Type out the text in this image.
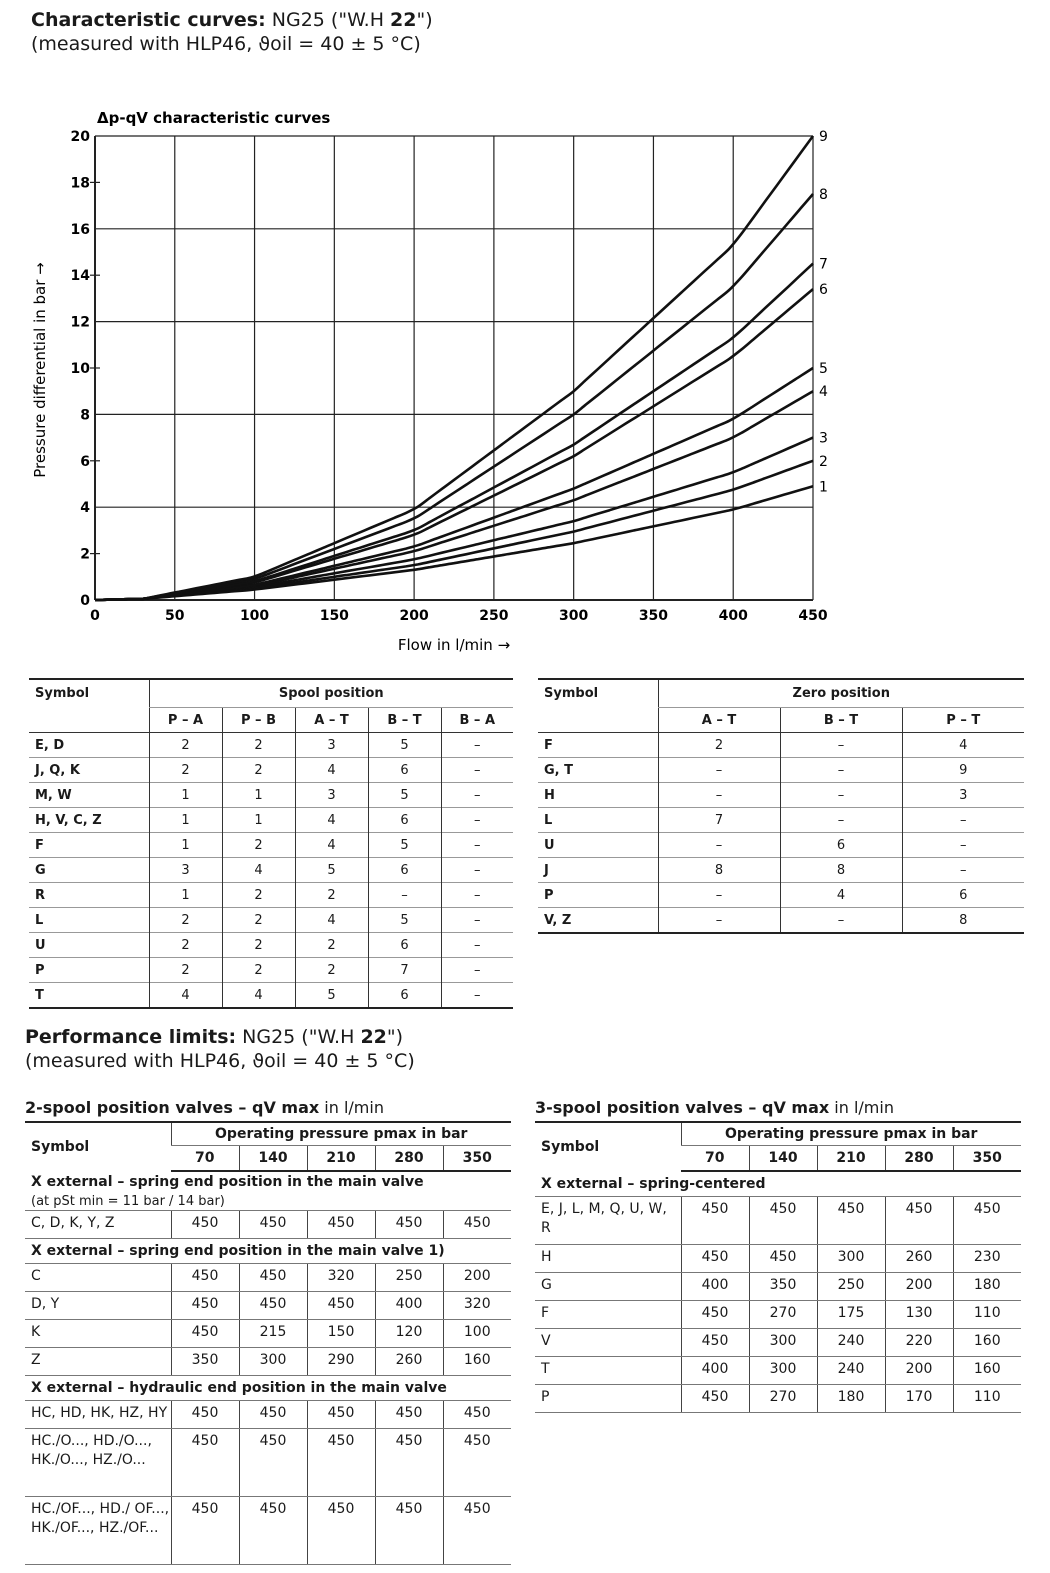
Characteristic curves: NG25 ("W.H 22")
(measured with HLP46, ϑoil = 40 ± 5 °C)
Δp-qV characteristic curves
0	50	100	150	200	250	300	350	400	450
0
2
4
6
8
10
12
14
16
18
20
Flow in l/min →
Pressure differential in bar →
1
2
3
4
5
6
7
8
9
Symbol	Spool position				
	P – A	P – B	A – T	B – T	B – A
E, D	2	2	3	5	–
J, Q, K	2	2	4	6	–
M, W	1	1	3	5	–
H, V, C, Z	1	1	4	6	–
F	1	2	4	5	–
G	3	4	5	6	–
R	1	2	2	–	–
L	2	2	4	5	–
U	2	2	2	6	–
P	2	2	2	7	–
T	4	4	5	6	–
Symbol	Zero position		
	A – T	B – T	P – T
F	2	–	4
G, T	–	–	9
H	–	–	3
L	7	–	–
U	–	6	–
J	8	8	–
P	–	4	6
V, Z	–	–	8
Performance limits: NG25 ("W.H 22")
(measured with HLP46, ϑoil = 40 ± 5 °C)
2-spool position valves – qV max in l/min
Symbol	Operating pressure pmax in bar				
	70	140	210	280	350
X external – spring end position in the main valve					
(at pSt min = 11 bar / 14 bar)					
C, D, K, Y, Z	450	450	450	450	450
X external – spring end position in the main valve 1)					
C	450	450	320	250	200
D, Y	450	450	450	400	320
K	450	215	150	120	100
Z	350	300	290	260	160
X external – hydraulic end position in the main valve					
HC, HD, HK, HZ, HY	450	450	450	450	450
HC./O..., HD./O..., HK./O..., HZ./O...	450	450	450	450	450
HC./OF..., HD./ OF..., HK./OF..., HZ./OF...	450	450	450	450	450
3-spool position valves – qV max in l/min
Symbol	Operating pressure pmax in bar				
	70	140	210	280	350
X external – spring-centered					
E, J, L, M, Q, U, W, R	450	450	450	450	450
H	450	450	300	260	230
G	400	350	250	200	180
F	450	270	175	130	110
V	450	300	240	220	160
T	400	300	240	200	160
P	450	270	180	170	110
